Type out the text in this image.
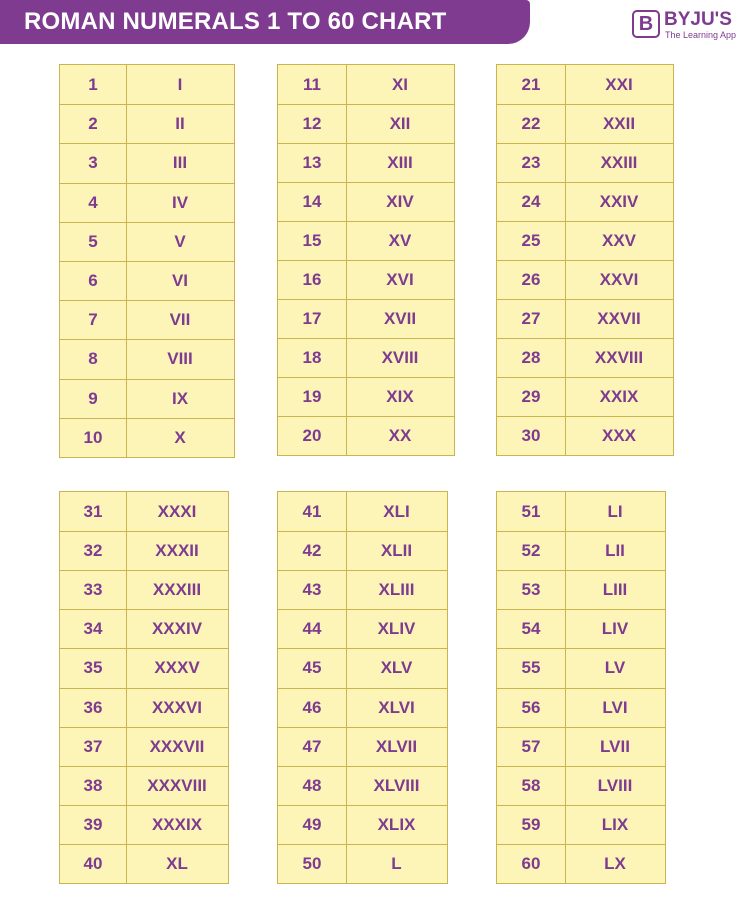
ROMAN NUMERALS 1 TO 60 CHART	B BYJU'S
The Learning App
1	I
2	II
3	III
4	IV
5	V
6	VI
7	VII
8	VIII
9	IX
10	X
11	XI
12	XII
13	XIII
14	XIV
15	XV
16	XVI
17	XVII
18	XVIII
19	XIX
20	XX
21	XXI
22	XXII
23	XXIII
24	XXIV
25	XXV
26	XXVI
27	XXVII
28	XXVIII
29	XXIX
30	XXX
31	XXXI
32	XXXII
33	XXXIII
34	XXXIV
35	XXXV
36	XXXVI
37	XXXVII
38	XXXVIII
39	XXXIX
40	XL
41	XLI
42	XLII
43	XLIII
44	XLIV
45	XLV
46	XLVI
47	XLVII
48	XLVIII
49	XLIX
50	L
51	LI
52	LII
53	LIII
54	LIV
55	LV
56	LVI
57	LVII
58	LVIII
59	LIX
60	LX
